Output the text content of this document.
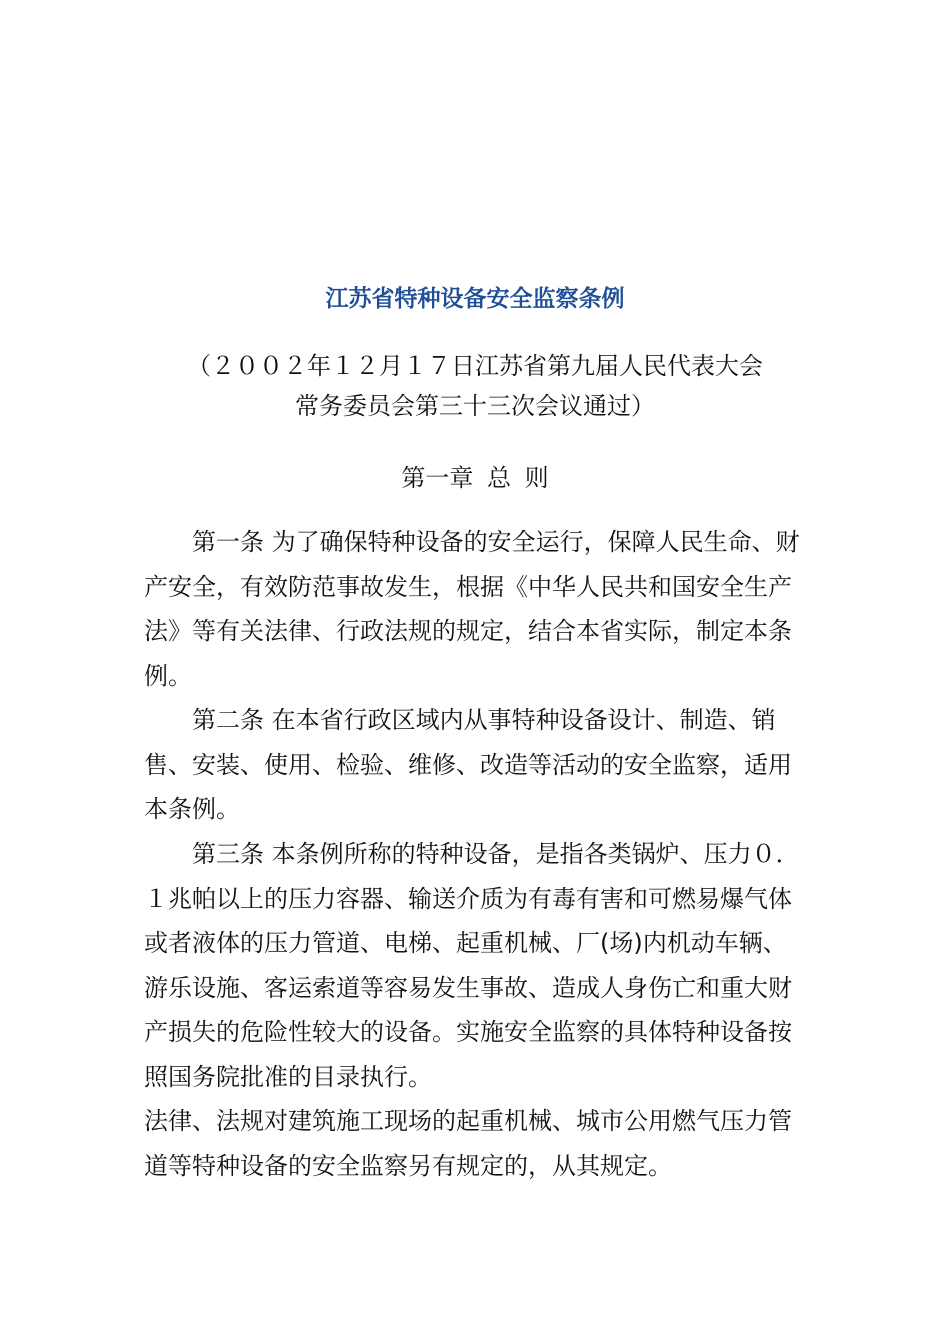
江苏省特种设备安全监察条例
（２００２年１２月１７日江苏省第九届人民代表大会
常务委员会第三十三次会议通过）
第一章 总 则

第一条 为了确保特种设备的安全运行，保障人民生命、财产安全，有效防范事故发生，根据《中华人民共和国安全生产法》等有关法律、行政法规的规定，结合本省实际，制定本条例。

第二条 在本省行政区域内从事特种设备设计、制造、销售、安装、使用、检验、维修、改造等活动的安全监察，适用本条例。

第三条 本条例所称的特种设备，是指各类锅炉、压力０．１兆帕以上的压力容器、输送介质为有毒有害和可燃易爆气体或者液体的压力管道、电梯、起重机械、厂(场)内机动车辆、游乐设施、客运索道等容易发生事故、造成人身伤亡和重大财产损失的危险性较大的设备。实施安全监察的具体特种设备按照国务院批准的目录执行。

法律、法规对建筑施工现场的起重机械、城市公用燃气压力管道等特种设备的安全监察另有规定的，从其规定。
